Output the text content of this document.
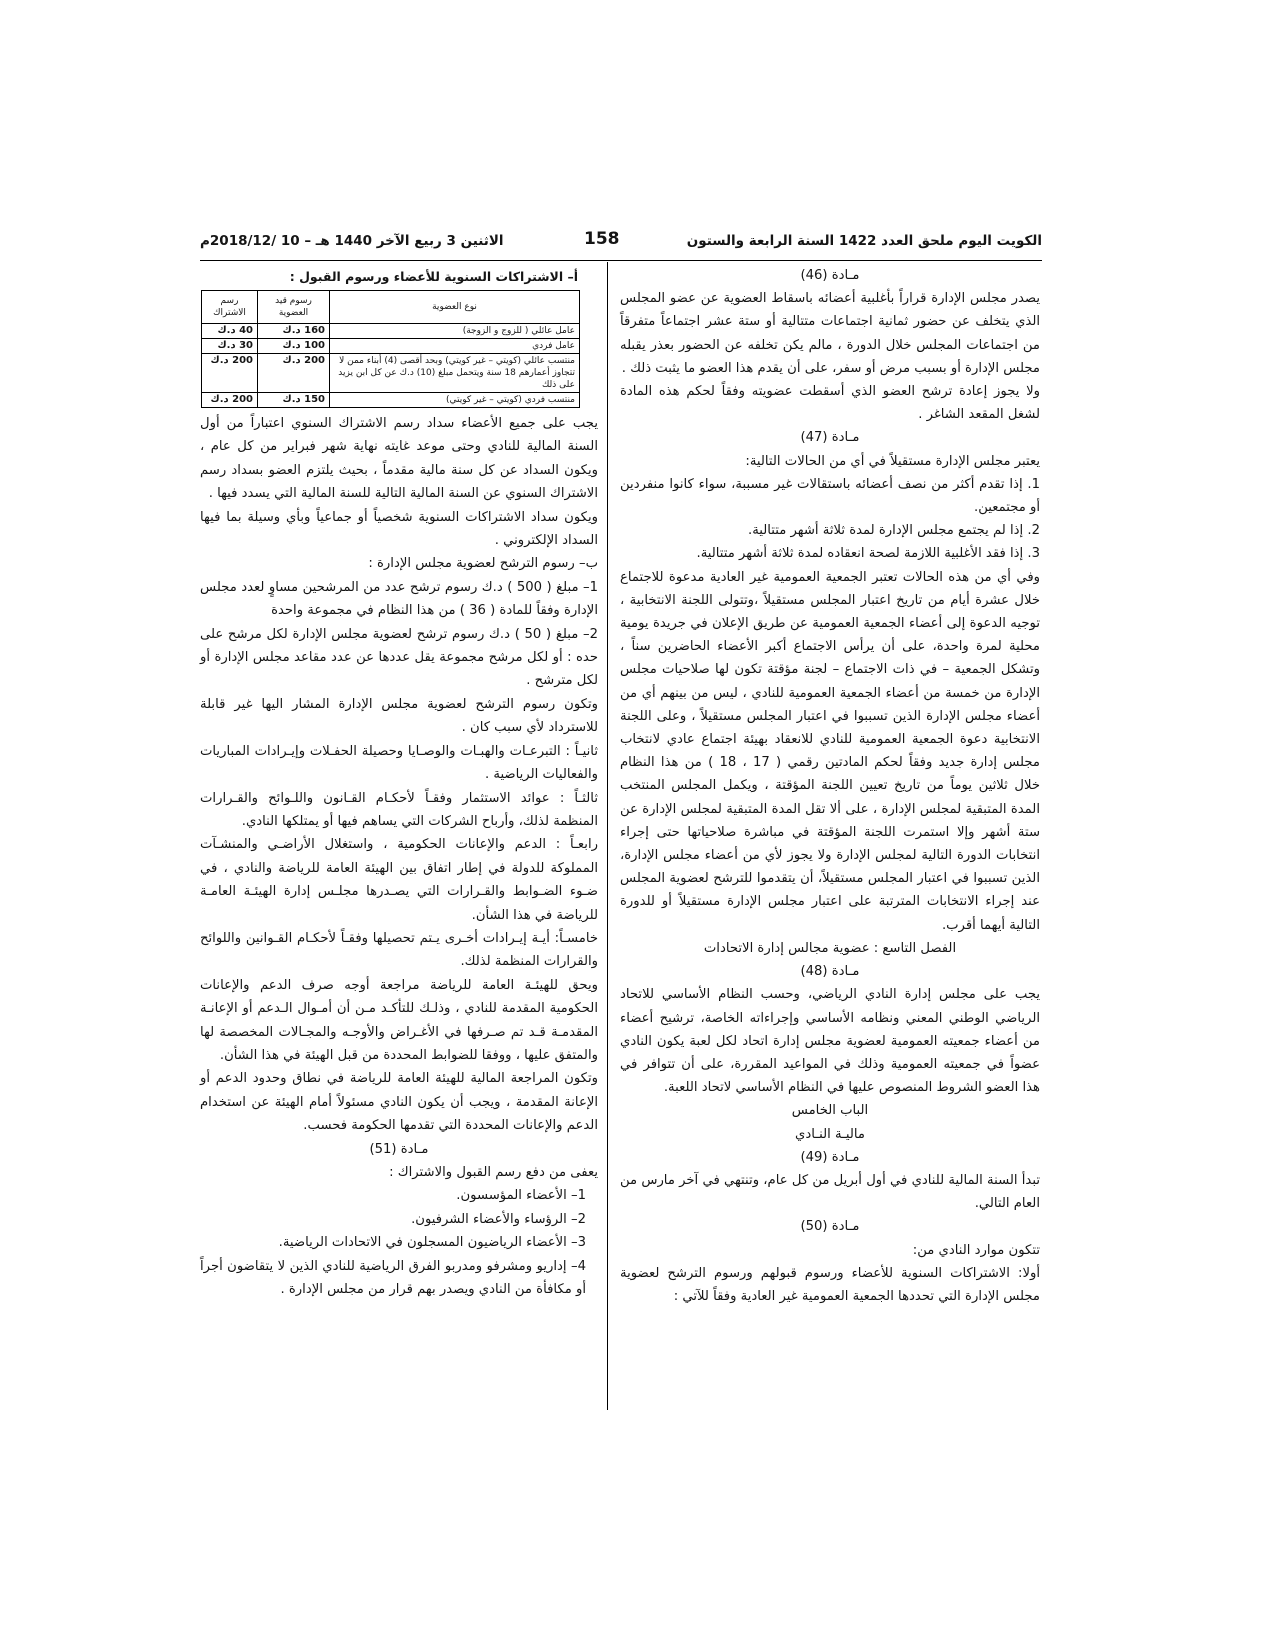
الكويت اليوم ملحق العدد 1422 السنة الرابعة والستون
158
الاثنين 3 ربيع الآخر 1440 هـ – 10 /2018/12م

مـادة (46)

يصدر مجلس الإدارة قراراً بأغلبية أعضائه باسقاط العضوية عن عضو المجلس الذي يتخلف عن حضور ثمانية اجتماعات متتالية أو ستة عشر اجتماعاً متفرقاً من اجتماعات المجلس خلال الدورة ، مالم يكن تخلفه عن الحضور بعذر يقبله مجلس الإدارة أو بسبب مرض أو سفر، على أن يقدم هذا العضو ما يثبت ذلك .

ولا يجوز إعادة ترشح العضو الذي أسقطت عضويته وفقاً لحكم هذه المادة لشغل المقعد الشاغر .

مـادة (47)

يعتبر مجلس الإدارة مستقيلاً في أي من الحالات التالية:

1. إذا تقدم أكثر من نصف أعضائه باستقالات غير مسببة، سواء كانوا منفردين أو مجتمعين.

2. إذا لم يجتمع مجلس الإدارة لمدة ثلاثة أشهر متتالية.

3. إذا فقد الأغلبية اللازمة لصحة انعقاده لمدة ثلاثة أشهر متتالية.

وفي أي من هذه الحالات تعتبر الجمعية العمومية غير العادية مدعوة للاجتماع خلال عشرة أيام من تاريخ اعتبار المجلس مستقيلاً ،وتتولى اللجنة الانتخابية ، توجيه الدعوة إلى أعضاء الجمعية العمومية عن طريق الإعلان في جريدة يومية محلية لمرة واحدة، على أن يرأس الاجتماع أكبر الأعضاء الحاضرين سناً ، وتشكل الجمعية – في ذات الاجتماع – لجنة مؤقتة تكون لها صلاحيات مجلس الإدارة من خمسة من أعضاء الجمعية العمومية للنادي ، ليس من بينهم أي من أعضاء مجلس الإدارة الذين تسببوا في اعتبار المجلس مستقيلاً ، وعلى اللجنة الانتخابية دعوة الجمعية العمومية للنادي للانعقاد بهيئة اجتماع عادي لانتخاب مجلس إدارة جديد وفقاً لحكم المادتين رقمي ( 17 ، 18 ) من هذا النظام خلال ثلاثين يوماً من تاريخ تعيين اللجنة المؤقتة ، ويكمل المجلس المنتخب المدة المتبقية لمجلس الإدارة ، على ألا تقل المدة المتبقية لمجلس الإدارة عن ستة أشهر وإلا استمرت اللجنة المؤقتة في مباشرة صلاحياتها حتى إجراء انتخابات الدورة التالية لمجلس الإدارة ولا يجوز لأي من أعضاء مجلس الإدارة، الذين تسببوا في اعتبار المجلس مستقيلاً، أن يتقدموا للترشح لعضوية المجلس عند إجراء الانتخابات المترتبة على اعتبار مجلس الإدارة مستقيلاً أو للدورة التالية أيهما أقرب.

الفصل التاسع : عضوية مجالس إدارة الاتحادات

مـادة (48)

يجب على مجلس إدارة النادي الرياضي، وحسب النظام الأساسي للاتحاد الرياضي الوطني المعني ونظامه الأساسي وإجراءاته الخاصة، ترشيح أعضاء من أعضاء جمعيته العمومية لعضوية مجلس إدارة اتحاد لكل لعبة يكون النادي عضواً في جمعيته العمومية وذلك في المواعيد المقررة، على أن تتوافر في هذا العضو الشروط المنصوص عليها في النظام الأساسي لاتحاد اللعبة.

الباب الخامس

ماليـة النـادي

مـادة (49)

تبدأ السنة المالية للنادي في أول أبريل من كل عام، وتنتهي في آخر مارس من العام التالي.

مـادة (50)

تتكون موارد النادي من:

أولا: الاشتراكات السنوية للأعضاء ورسوم قبولهم ورسوم الترشح لعضوية مجلس الإدارة التي تحددها الجمعية العمومية غير العادية وفقاً للآتي :

أ– الاشتراكات السنوية للأعضاء ورسوم القبول :

نوع العضوية	رسوم قيد العضوية	رسم الاشتراك
عامل عائلي ( للزوج و الزوجة)	160 د.ك	40 د.ك
عامل فردي	100 د.ك	30 د.ك
منتسب عائلي (كويتي – غير كويتي) وبحد أقصى (4) أبناء ممن لا تتجاوز أعمارهم 18 سنة ويتحمل مبلغ (10) د.ك عن كل ابن يزيد على ذلك	200 د.ك	200 د.ك
منتسب فردي (كويتي – غير كويتي)	150 د.ك	200 د.ك

يجب على جميع الأعضاء سداد رسم الاشتراك السنوي اعتباراً من أول السنة المالية للنادي وحتى موعد غايته نهاية شهر فبراير من كل عام ، ويكون السداد عن كل سنة مالية مقدماً ، بحيث يلتزم العضو بسداد رسم الاشتراك السنوي عن السنة المالية التالية للسنة المالية التي يسدد فيها .

ويكون سداد الاشتراكات السنوية شخصياً أو جماعياً وبأي وسيلة بما فيها السداد الإلكتروني .

ب– رسوم الترشح لعضوية مجلس الإدارة :

1– مبلغ ( 500 ) د.ك رسوم ترشح عدد من المرشحين مساوٍ لعدد مجلس الإدارة وفقاً للمادة ( 36 ) من هذا النظام في مجموعة واحدة

2– مبلغ ( 50 ) د.ك رسوم ترشح لعضوية مجلس الإدارة لكل مرشح على حده : أو لكل مرشح مجموعة يقل عددها عن عدد مقاعد مجلس الإدارة أو لكل مترشح .

وتكون رسوم الترشح لعضوية مجلس الإدارة المشار اليها غير قابلة للاسترداد لأي سبب كان .

ثانيـاً : التبرعـات والهبـات والوصـايا وحصيلة الحفـلات وإيـرادات المباريات والفعاليات الرياضية .

ثالثـاً : عوائد الاستثمار وفقـاً لأحكـام القـانون واللـوائح والقـرارات المنظمة لذلك، وأرباح الشركات التي يساهم فيها أو يمتلكها النادي.

رابعـاً : الدعم والإعانات الحكومية ، واستغلال الأراضـي والمنشـآت المملوكة للدولة في إطار اتفاق بين الهيئة العامة للرياضة والنادي ، في ضـوء الضـوابط والقـرارات التي يصـدرها مجلـس إدارة الهيئـة العامـة للرياضة في هذا الشأن.

خامسـاً: أيـة إيـرادات أخـرى يـتم تحصيلها وفقـاً لأحكـام القـوانين واللوائح والقرارات المنظمة لذلك.

ويحق للهيئـة العامة للرياضة مراجعة أوجه صرف الدعم والإعانات الحكومية المقدمة للنادي ، وذلـك للتأكـد مـن أن أمـوال الـدعم أو الإعانـة المقدمـة قـد تم صـرفها في الأغـراض والأوجـه والمجـالات المخصصة لها والمتفق عليها ، ووفقا للضوابط المحددة من قبل الهيئة في هذا الشأن.

وتكون المراجعة المالية للهيئة العامة للرياضة في نطاق وحدود الدعم أو الإعانة المقدمة ، ويجب أن يكون النادي مسئولاً أمام الهيئة عن استخدام الدعم والإعانات المحددة التي تقدمها الحكومة فحسب.

مـادة (51)

يعفى من دفع رسم القبول والاشتراك :

1– الأعضاء المؤسسون.

2– الرؤساء والأعضاء الشرفيون.

3– الأعضاء الرياضيون المسجلون في الاتحادات الرياضية.

4– إداريو ومشرفو ومدربو الفرق الرياضية للنادي الذين لا يتقاضون أجراً أو مكافأة من النادي ويصدر بهم قرار من مجلس الإدارة .
